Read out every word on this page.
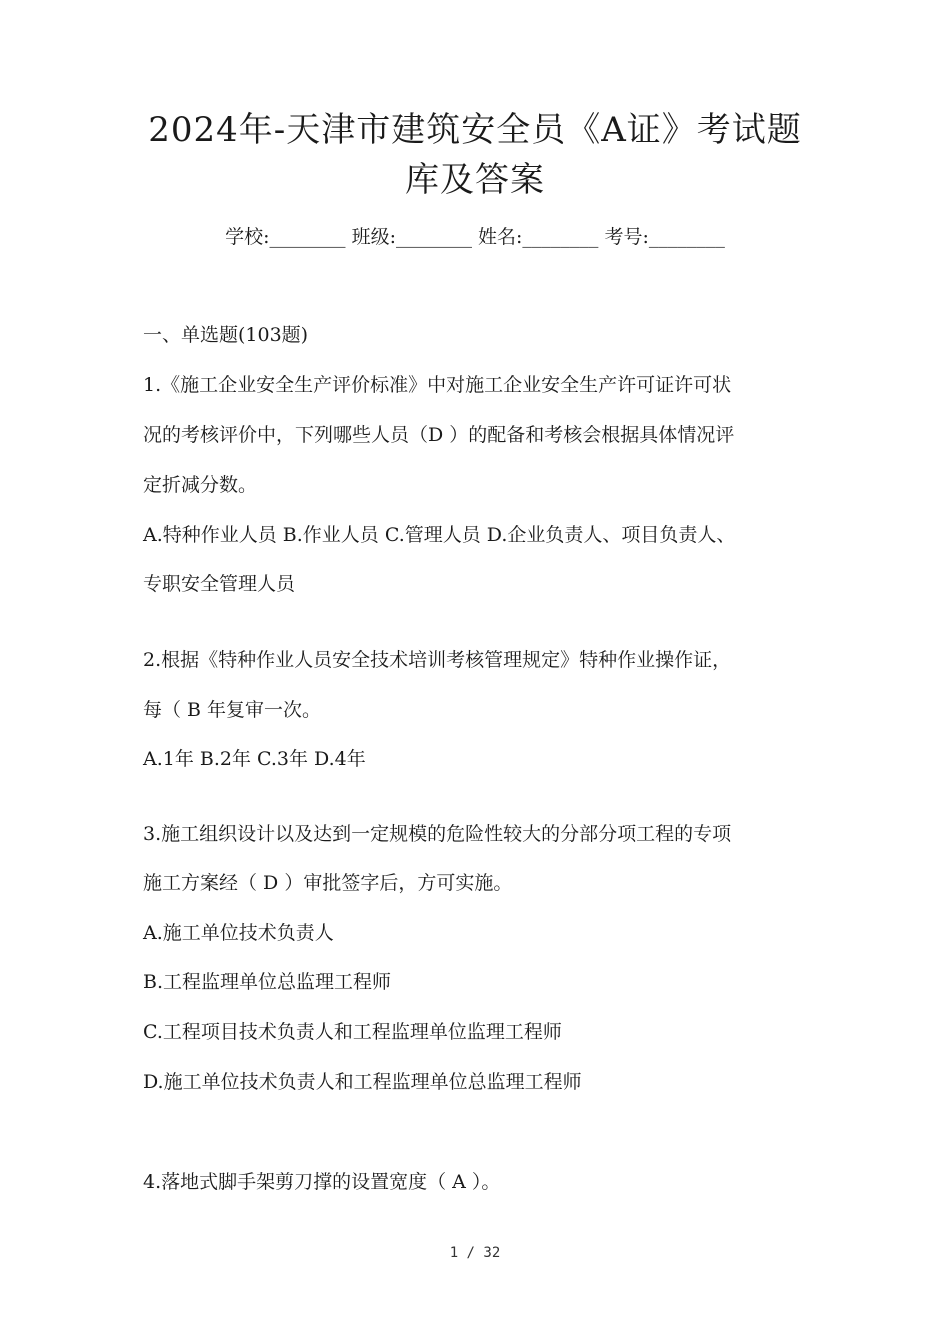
2024年-天津市建筑安全员《A证》考试题
库及答案
学校:________ 班级:________ 姓名:________ 考号:________
一、单选题(103题)
1.《施工企业安全生产评价标准》中对施工企业安全生产许可证许可状
况的考核评价中，下列哪些人员（D ）的配备和考核会根据具体情况评
定折减分数。
A.特种作业人员 B.作业人员 C.管理人员 D.企业负责人、项目负责人、
专职安全管理人员
2.根据《特种作业人员安全技术培训考核管理规定》特种作业操作证，
每（ B 年复审一次。
A.1年 B.2年 C.3年 D.4年
3.施工组织设计以及达到一定规模的危险性较大的分部分项工程的专项
施工方案经（ D ）审批签字后，方可实施。
A.施工单位技术负责人
B.工程监理单位总监理工程师
C.工程项目技术负责人和工程监理单位监理工程师
D.施工单位技术负责人和工程监理单位总监理工程师
4.落地式脚手架剪刀撑的设置宽度（ A ）。
1 / 32
